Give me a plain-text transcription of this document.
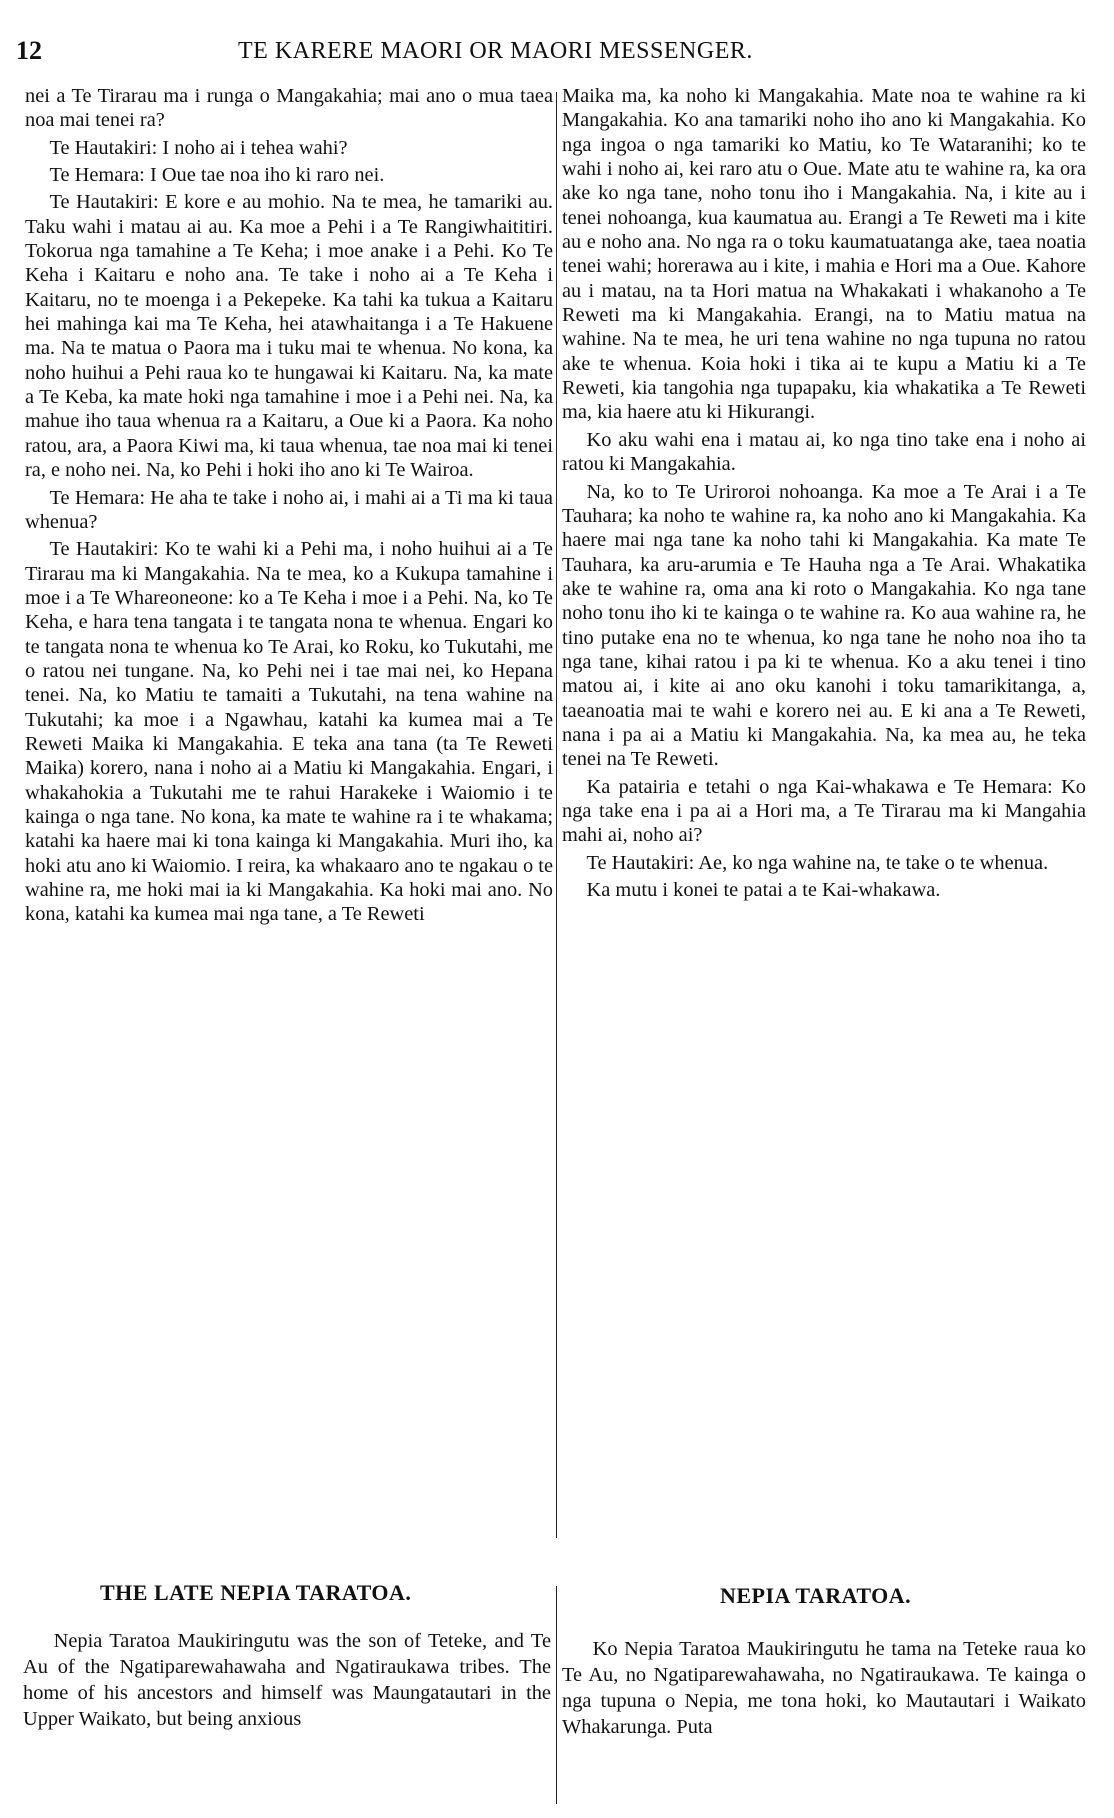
12	TE KARERE MAORI OR MAORI MESSENGER.

nei a Te Tirarau ma i runga o Mangakahia; mai ano o mua taea noa mai tenei ra?

Te Hautakiri: I noho ai i tehea wahi?

Te Hemara: I Oue tae noa iho ki raro nei.

Te Hautakiri: E kore e au mohio. Na te mea, he tamariki au. Taku wahi i matau ai au. Ka moe a Pehi i a Te Rangiwhaititiri. Tokorua nga tamahine a Te Keha; i moe anake i a Pehi. Ko Te Keha i Kaitaru e noho ana. Te take i noho ai a Te Keha i Kaitaru, no te moenga i a Pekepeke. Ka tahi ka tukua a Kaitaru hei mahinga kai ma Te Keha, hei atawhaitanga i a Te Hakuene ma. Na te matua o Paora ma i tuku mai te whenua. No kona, ka noho huihui a Pehi raua ko te hungawai ki Kaitaru. Na, ka mate a Te Keba, ka mate hoki nga tamahine i moe i a Pehi nei. Na, ka mahue iho taua whenua ra a Kaitaru, a Oue ki a Paora. Ka noho ratou, ara, a Paora Kiwi ma, ki taua whenua, tae noa mai ki tenei ra, e noho nei. Na, ko Pehi i hoki iho ano ki Te Wairoa.

Te Hemara: He aha te take i noho ai, i mahi ai a Ti ma ki taua whenua?

Te Hautakiri: Ko te wahi ki a Pehi ma, i noho huihui ai a Te Tirarau ma ki Mangakahia. Na te mea, ko a Kukupa tamahine i moe i a Te Whareoneone: ko a Te Keha i moe i a Pehi. Na, ko Te Keha, e hara tena tangata i te tangata nona te whenua. Engari ko te tangata nona te whenua ko Te Arai, ko Roku, ko Tukutahi, me o ratou nei tungane. Na, ko Pehi nei i tae mai nei, ko Hepana tenei. Na, ko Matiu te tamaiti a Tukutahi, na tena wahine na Tukutahi; ka moe i a Ngawhau, katahi ka kumea mai a Te Reweti Maika ki Mangakahia. E teka ana tana (ta Te Reweti Maika) korero, nana i noho ai a Matiu ki Mangakahia. Engari, i whakahokia a Tukutahi me te rahui Harakeke i Waiomio i te kainga o nga tane. No kona, ka mate te wahine ra i te whakama; katahi ka haere mai ki tona kainga ki Mangakahia. Muri iho, ka hoki atu ano ki Waiomio. I reira, ka whakaaro ano te ngakau o te wahine ra, me hoki mai ia ki Mangakahia. Ka hoki mai ano. No kona, katahi ka kumea mai nga tane, a Te Reweti

Maika ma, ka noho ki Mangakahia. Mate noa te wahine ra ki Mangakahia. Ko ana tamariki noho iho ano ki Mangakahia. Ko nga ingoa o nga tamariki ko Matiu, ko Te Wataranihi; ko te wahi i noho ai, kei raro atu o Oue. Mate atu te wahine ra, ka ora ake ko nga tane, noho tonu iho i Mangakahia. Na, i kite au i tenei nohoanga, kua kaumatua au. Erangi a Te Reweti ma i kite au e noho ana. No nga ra o toku kaumatuatanga ake, taea noatia tenei wahi; horerawa au i kite, i mahia e Hori ma a Oue. Kahore au i matau, na ta Hori matua na Whakakati i whakanoho a Te Reweti ma ki Mangakahia. Erangi, na to Matiu matua na wahine. Na te mea, he uri tena wahine no nga tupuna no ratou ake te whenua. Koia hoki i tika ai te kupu a Matiu ki a Te Reweti, kia tangohia nga tupapaku, kia whakatika a Te Reweti ma, kia haere atu ki Hikurangi.

Ko aku wahi ena i matau ai, ko nga tino take ena i noho ai ratou ki Mangakahia.

Na, ko to Te Uriroroi nohoanga. Ka moe a Te Arai i a Te Tauhara; ka noho te wahine ra, ka noho ano ki Mangakahia. Ka haere mai nga tane ka noho tahi ki Mangakahia. Ka mate Te Tauhara, ka aru-arumia e Te Hauha nga a Te Arai. Whakatika ake te wahine ra, oma ana ki roto o Mangakahia. Ko nga tane noho tonu iho ki te kainga o te wahine ra. Ko aua wahine ra, he tino putake ena no te whenua, ko nga tane he noho noa iho ta nga tane, kihai ratou i pa ki te whenua. Ko a aku tenei i tino matou ai, i kite ai ano oku kanohi i toku tamarikitanga, a, taeanoatia mai te wahi e korero nei au. E ki ana a Te Reweti, nana i pa ai a Matiu ki Mangakahia. Na, ka mea au, he teka tenei na Te Reweti.

Ka patairia e tetahi o nga Kai-whakawa e Te Hemara: Ko nga take ena i pa ai a Hori ma, a Te Tirarau ma ki Mangahia mahi ai, noho ai?

Te Hautakiri: Ae, ko nga wahine na, te take o te whenua.

Ka mutu i konei te patai a te Kai-whakawa.

THE LATE NEPIA TARATOA.

Nepia Taratoa Maukiringutu was the son of Teteke, and Te Au of the Ngatiparewahawaha and Ngatiraukawa tribes. The home of his ancestors and himself was Maungatautari in the Upper Waikato, but being anxious

NEPIA TARATOA.

Ko Nepia Taratoa Maukiringutu he tama na Teteke raua ko Te Au, no Ngatiparewahawaha, no Ngatiraukawa. Te kainga o nga tupuna o Nepia, me tona hoki, ko Mautautari i Waikato Whakarunga. Puta
